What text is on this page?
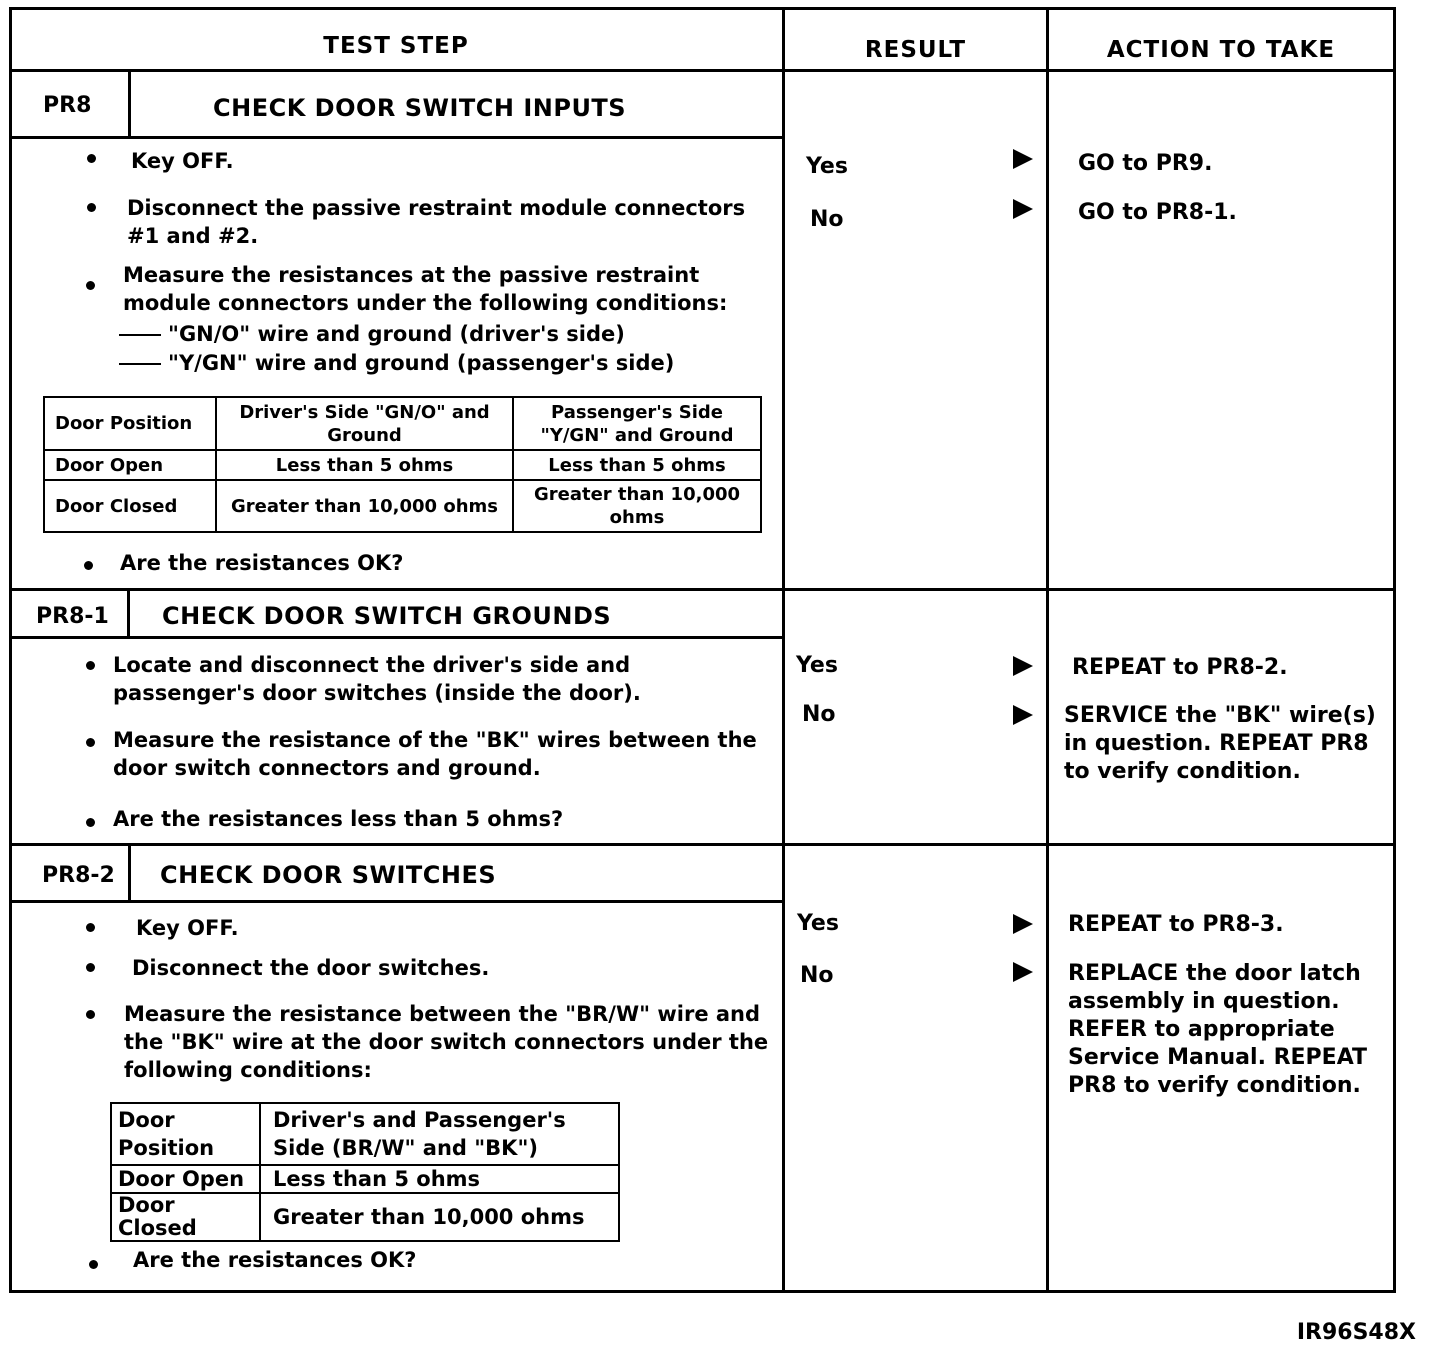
TEST STEP	RESULT	ACTION TO TAKE
PR8	CHECK DOOR SWITCH INPUTS
Key OFF.
Disconnect the passive restraint module connectors
#1 and #2.
Measure the resistances at the passive restraint
module connectors under the following conditions:
"GN/O" wire and ground (driver's side)
"Y/GN" wire and ground (passenger's side)
Door Position	Driver's Side "GN/O" and Ground	Passenger's Side "Y/GN" and Ground
Door Open	Less than 5 ohms	Less than 5 ohms
Door Closed	Greater than 10,000 ohms	Greater than 10,000 ohms
Are the resistances OK?
Yes	GO to PR9.
No	GO to PR8-1.
PR8-1 CHECK DOOR SWITCH GROUNDS
Locate and disconnect the driver's side and
passenger's door switches (inside the door).
Measure the resistance of the "BK" wires between the
door switch connectors and ground.
Are the resistances less than 5 ohms?
Yes	REPEAT to PR8-2.
No	SERVICE the "BK" wire(s)
in question. REPEAT PR8
to verify condition.
PR8-2 CHECK DOOR SWITCHES
Key OFF.
Disconnect the door switches.
Measure the resistance between the "BR/W" wire and
the "BK" wire at the door switch connectors under the
following conditions:
Door Position	Driver's and Passenger's Side (BR/W" and "BK")
Door Open	Less than 5 ohms
Door Closed	Greater than 10,000 ohms
Are the resistances OK?
Yes	REPEAT to PR8-3.
No	REPLACE the door latch
assembly in question.
REFER to appropriate
Service Manual. REPEAT
PR8 to verify condition.
IR96S48X
